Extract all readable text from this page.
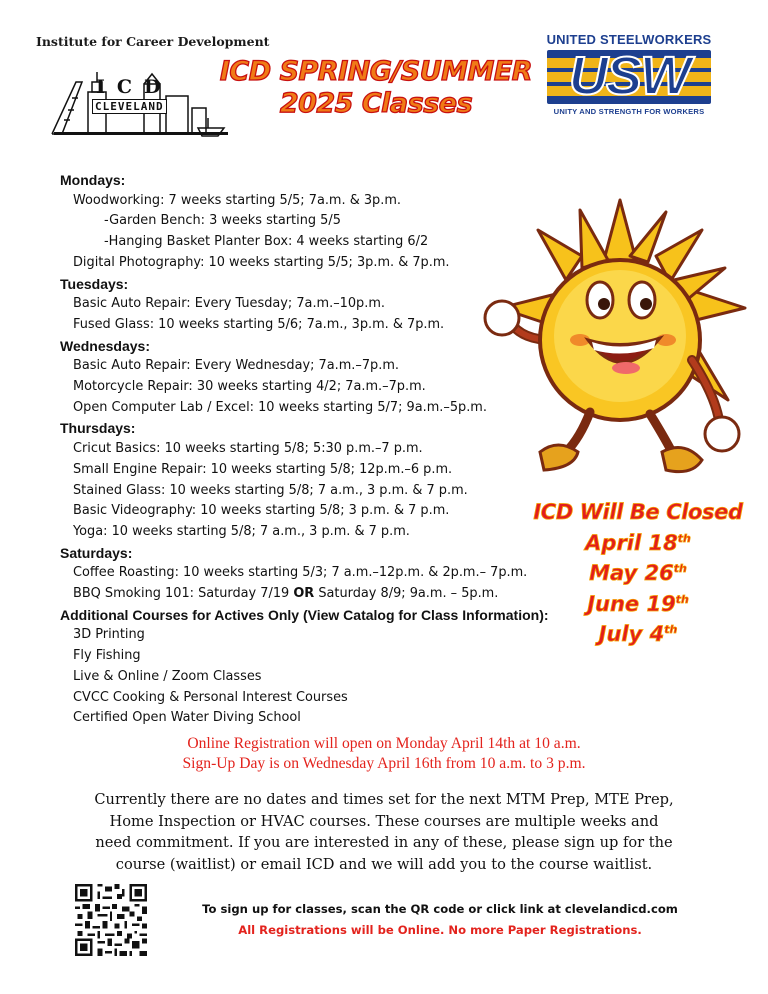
Institute for Career Development
ICD
CLEVELAND
ICD SPRING/SUMMER
2025 Classes
UNITED STEELWORKERS
USW
UNITY AND STRENGTH FOR WORKERS
Mondays:
Woodworking: 7 weeks starting 5/5; 7a.m. & 3p.m.
-Garden Bench: 3 weeks starting 5/5
-Hanging Basket Planter Box: 4 weeks starting 6/2
Digital Photography: 10 weeks starting 5/5; 3p.m. & 7p.m.
Tuesdays:
Basic Auto Repair: Every Tuesday; 7a.m.–10p.m.
Fused Glass: 10 weeks starting 5/6; 7a.m., 3p.m. & 7p.m.
Wednesdays:
Basic Auto Repair: Every Wednesday; 7a.m.–7p.m.
Motorcycle Repair: 30 weeks starting 4/2; 7a.m.–7p.m.
Open Computer Lab / Excel: 10 weeks starting 5/7; 9a.m.–5p.m.
Thursdays:
Cricut Basics: 10 weeks starting 5/8; 5:30 p.m.–7 p.m.
Small Engine Repair: 10 weeks starting 5/8; 12p.m.–6 p.m.
Stained Glass: 10 weeks starting 5/8; 7 a.m., 3 p.m. & 7 p.m.
Basic Videography: 10 weeks starting 5/8; 3 p.m. & 7 p.m.
Yoga: 10 weeks starting 5/8; 7 a.m., 3 p.m. & 7 p.m.
Saturdays:
Coffee Roasting: 10 weeks starting 5/3; 7 a.m.–12p.m. & 2p.m.– 7p.m.
BBQ Smoking 101: Saturday 7/19 OR Saturday 8/9; 9a.m. – 5p.m.
Additional Courses for Actives Only (View Catalog for Class Information):
3D Printing
Fly Fishing
Live & Online / Zoom Classes
CVCC Cooking & Personal Interest Courses
Certified Open Water Diving School
ICD Will Be Closed
April 18th
May 26th
June 19th
July 4th
Online Registration will open on Monday April 14th at 10 a.m.
Sign-Up Day is on Wednesday April 16th from 10 a.m. to 3 p.m.
Currently there are no dates and times set for the next MTM Prep, MTE Prep,
Home Inspection or HVAC courses. These courses are multiple weeks and
need commitment. If you are interested in any of these, please sign up for the
course (waitlist) or email ICD and we will add you to the course waitlist.
To sign up for classes, scan the QR code or click link at clevelandicd.com
All Registrations will be Online. No more Paper Registrations.
